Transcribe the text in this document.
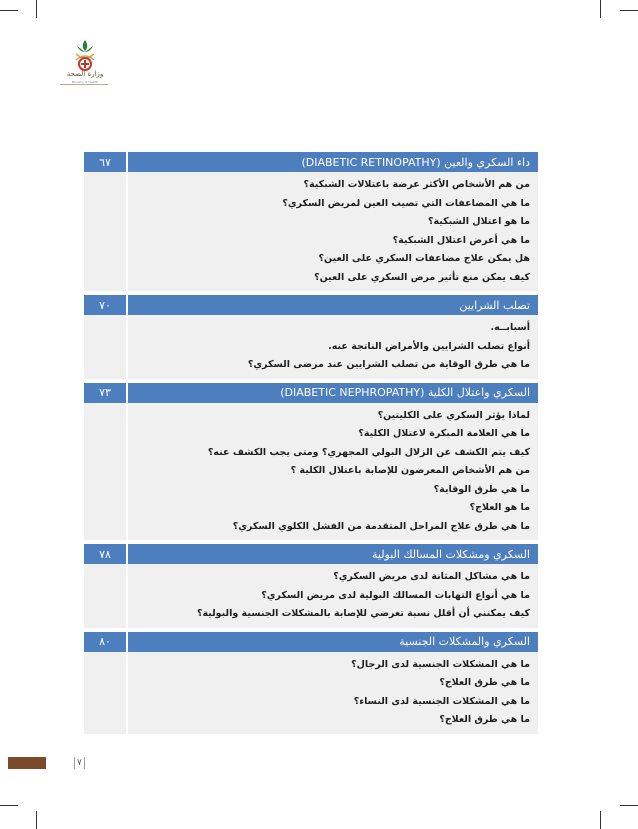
وزارة الصحة
Ministry of Health
٦٧	داء السكري والعين (DIABETIC RETINOPATHY)
من هم الأشخاص الأكثر عرضة باعتلالات الشبكية؟
ما هي المضاعفات التي تصيب العين لمريض السكري؟
ما هو اعتلال الشبكية؟
ما هي أعرض اعتلال الشبكية؟
هل يمكن علاج مضاعفات السكري على العين؟
كيف يمكن منع تأثير مرض السكري على العين؟
٧٠	تصلب الشرايين
أسبابــه.
أنواع تصلب الشرايين والأمراض الناتجة عنه.
ما هي طرق الوقاية من تصلب الشرايين عند مرضى السكري؟
٧٣	السكري واعتلال الكلية (DIABETIC NEPHROPATHY)
لماذا يؤثر السكري على الكليتين؟
ما هي العلامة المبكرة لاعتلال الكلية؟
كيف يتم الكشف عن الزلال البولي المجهري؟ ومتى يجب الكشف عنه؟
من هم الأشخاص المعرضون للإصابة باعتلال الكلية ؟
ما هي طرق الوقاية؟
ما هو العلاج؟
ما هي طرق علاج المراحل المتقدمة من الفشل الكلوي السكري؟
٧٨	السكري ومشكلات المسالك البولية
ما هي مشاكل المثانة لدى مريض السكري؟
ما هي أنواع التهابات المسالك البولية لدى مريض السكري؟
كيف يمكنني أن أقلل نسبة تعرضي للإصابة بالمشكلات الجنسية والبولية؟
٨٠	السكري والمشكلات الجنسية
ما هي المشكلات الجنسية لدى الرجال؟
ما هي طرق العلاج؟
ما هي المشكلات الجنسية لدى النساء؟
ما هي طرق العلاج؟
٧
